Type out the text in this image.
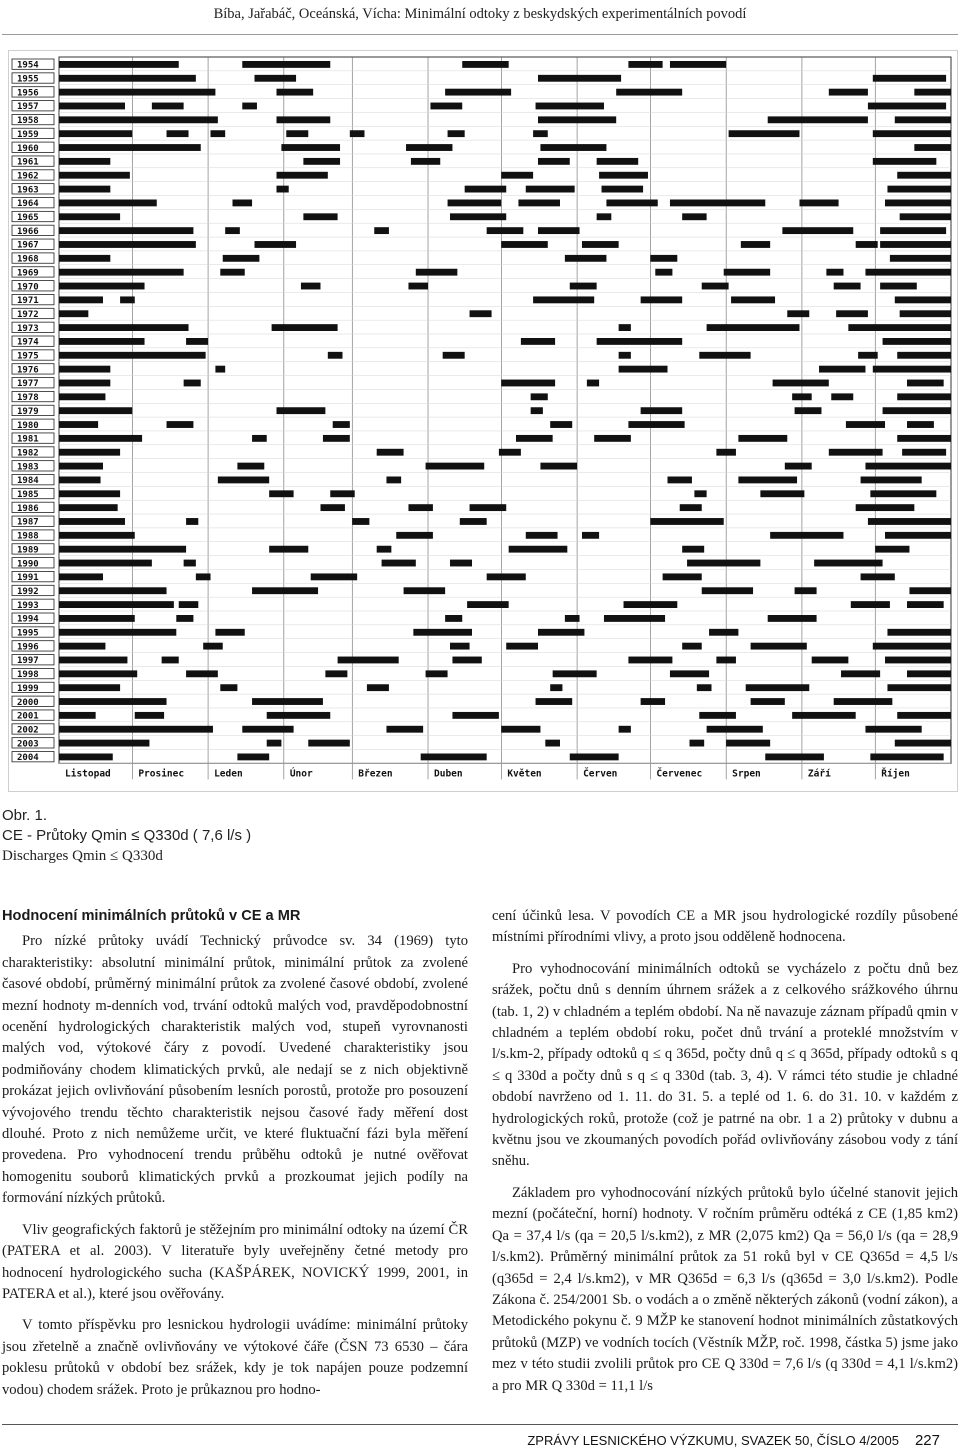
Bíba, Jařabáč, Oceánská, Vícha: Minimální odtoky z beskydských experimentálních povodí
Listopad	Prosinec	Leden	Únor	Březen	Duben	Květen	Červen	Červenec	Srpen	Září	Říjen
1954
1955
1956
1957
1958
1959
1960
1961
1962
1963
1964
1965
1966
1967
1968
1969
1970
1971
1972
1973
1974
1975
1976
1977
1978
1979
1980
1981
1982
1983
1984
1985
1986
1987
1988
1989
1990
1991
1992
1993
1994
1995
1996
1997
1998
1999
2000
2001
2002
2003
2004
Obr. 1.
CE - Průtoky Qmin ≤ Q330d ( 7,6 l/s )
Discharges Qmin ≤ Q330d
Hodnocení minimálních průtoků v CE a MR

Pro nízké průtoky uvádí Technický průvodce sv. 34 (1969) tyto charakteristiky: absolutní minimální průtok, minimální průtok za zvolené časové období, průměrný minimální průtok za zvolené časové období, zvolené mezní hodnoty m-denních vod, trvání odtoků malých vod, pravděpodobnostní ocenění hydrologických charakteristik malých vod, stupeň vyrovnanosti malých vod, výtokové čáry z povodí. Uvedené charakteristiky jsou podmiňovány chodem klimatických prvků, ale nedají se z nich objektivně prokázat jejich ovlivňování působením lesních porostů, protože pro posouzení vývojového trendu těchto charakteristik nejsou časové řady měření dost dlouhé. Proto z nich nemůžeme určit, ve které fluktuační fázi byla měření provedena. Pro vyhodnocení trendu průběhu odtoků je nutné ověřovat homogenitu souborů klimatických prvků a prozkoumat jejich podíly na formování nízkých průtoků.

Vliv geografických faktorů je stěžejním pro minimální odtoky na území ČR (PATERA et al. 2003). V literatuře byly uveřejněny četné metody pro hodnocení hydrologického sucha (KAŠPÁREK, NOVICKÝ 1999, 2001, in PATERA et al.), které jsou ověřovány.

V tomto příspěvku pro lesnickou hydrologii uvádíme: minimální průtoky jsou zřetelně a značně ovlivňovány ve výtokové čáře (ČSN 73 6530 – čára poklesu průtoků v období bez srážek, kdy je tok napájen pouze podzemní vodou) chodem srážek. Proto je průkaznou pro hodno-

cení účinků lesa. V povodích CE a MR jsou hydrologické rozdíly působené místními přírodními vlivy, a proto jsou odděleně hodnocena.

Pro vyhodnocování minimálních odtoků se vycházelo z počtu dnů bez srážek, počtu dnů s denním úhrnem srážek a z celkového srážkového úhrnu (tab. 1, 2) v chladném a teplém období. Na ně navazuje záznam případů qmin v chladném a teplém období roku, počet dnů trvání a proteklé množstvím v l/s.km-2, případy odtoků q ≤ q 365d, počty dnů q ≤ q 365d, případy odtoků s q ≤ q 330d a počty dnů s q ≤ q 330d (tab. 3, 4). V rámci této studie je chladné období navrženo od 1. 11. do 31. 5. a teplé od 1. 6. do 31. 10. v každém z hydrologických roků, protože (což je patrné na obr. 1 a 2) průtoky v dubnu a květnu jsou ve zkoumaných povodích pořád ovlivňovány zásobou vody z tání sněhu.

Základem pro vyhodnocování nízkých průtoků bylo účelné stanovit jejich mezní (počáteční, horní) hodnoty. V ročním průměru odtéká z CE (1,85 km2) Qa = 37,4 l/s (qa = 20,5 l/s.km2), z MR (2,075 km2) Qa = 56,0 l/s (qa = 28,9 l/s.km2). Průměrný minimální průtok za 51 roků byl v CE Q365d = 4,5 l/s (q365d = 2,4 l/s.km2), v MR Q365d = 6,3 l/s (q365d = 3,0 l/s.km2). Podle Zákona č. 254/2001 Sb. o vodách a o změně některých zákonů (vodní zákon), a Metodického pokynu č. 9 MŽP ke stanovení hodnot minimálních zůstatkových průtoků (MZP) ve vodních tocích (Věstník MŽP, roč. 1998, částka 5) jsme jako mez v této studii zvolili průtok pro CE Q 330d = 7,6 l/s (q 330d = 4,1 l/s.km2) a pro MR Q 330d = 11,1 l/s

ZPRÁVY LESNICKÉHO VÝZKUMU, SVAZEK 50, ČÍSLO 4/2005 227
